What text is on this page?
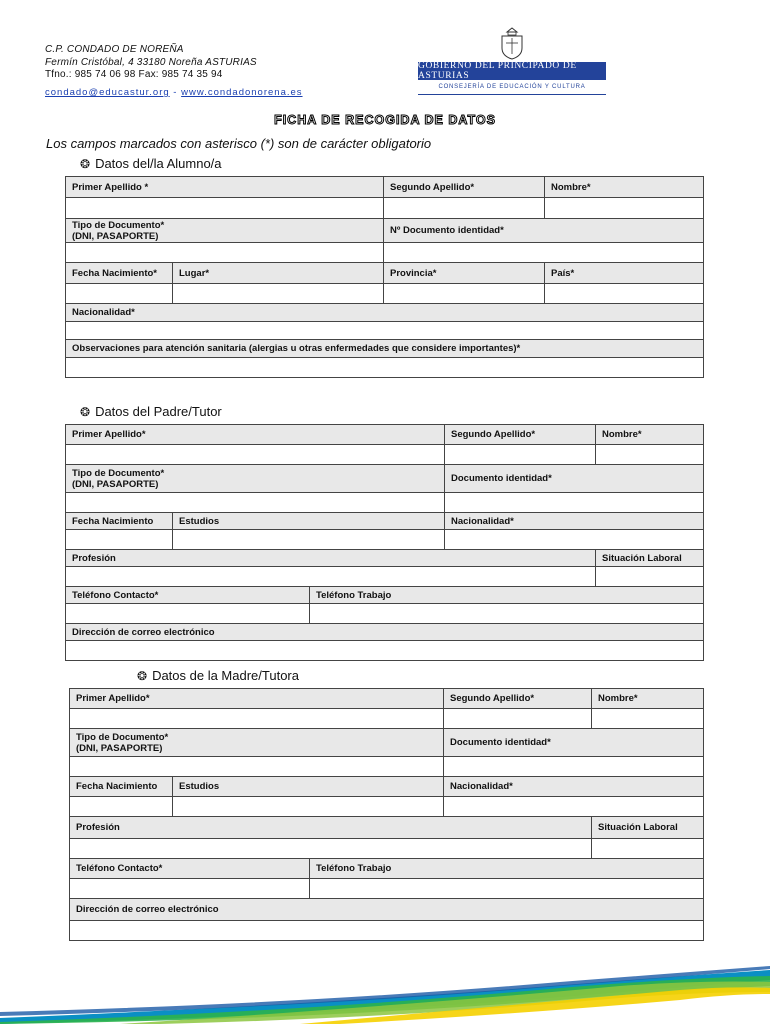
C.P. CONDADO DE NOREÑA
Fermín Cristóbal, 4 33180 Noreña ASTURIAS
Tfno.: 985 74 06 98 Fax: 985 74 35 94
condado@educastur.org - www.condadonorena.es
GOBIERNO DEL PRINCIPADO DE ASTURIAS
CONSEJERÍA DE EDUCACIÓN Y CULTURA
FICHA DE RECOGIDA DE DATOS
Los campos marcados con asterisco (*) son de carácter obligatorio
❂ Datos del/la Alumno/a
Primer Apellido *		Segundo Apellido*	Nombre*

Tipo de Documento*
(DNI, PASAPORTE)		Nº Documento identidad*	

Fecha Nacimiento*	Lugar*	Provincia*	País*

Nacionalidad*			

Observaciones para atención sanitaria (alergias u otras enfermedades que considere importantes)*			

❂ Datos del Padre/Tutor
Primer Apellido*			Segundo Apellido*	Nombre*

Tipo de Documento*
(DNI, PASAPORTE)			Documento identidad*	

Fecha Nacimiento	Estudios		Nacionalidad*	

Profesión				Situación Laboral

Teléfono Contacto*		Teléfono Trabajo		

Dirección de correo electrónico				

❂ Datos de la Madre/Tutora
Primer Apellido*			Segundo Apellido*	Nombre*

Tipo de Documento*
(DNI, PASAPORTE)			Documento identidad*	

Fecha Nacimiento	Estudios		Nacionalidad*	

Profesión				Situación Laboral

Teléfono Contacto*		Teléfono Trabajo		

Dirección de correo electrónico				
